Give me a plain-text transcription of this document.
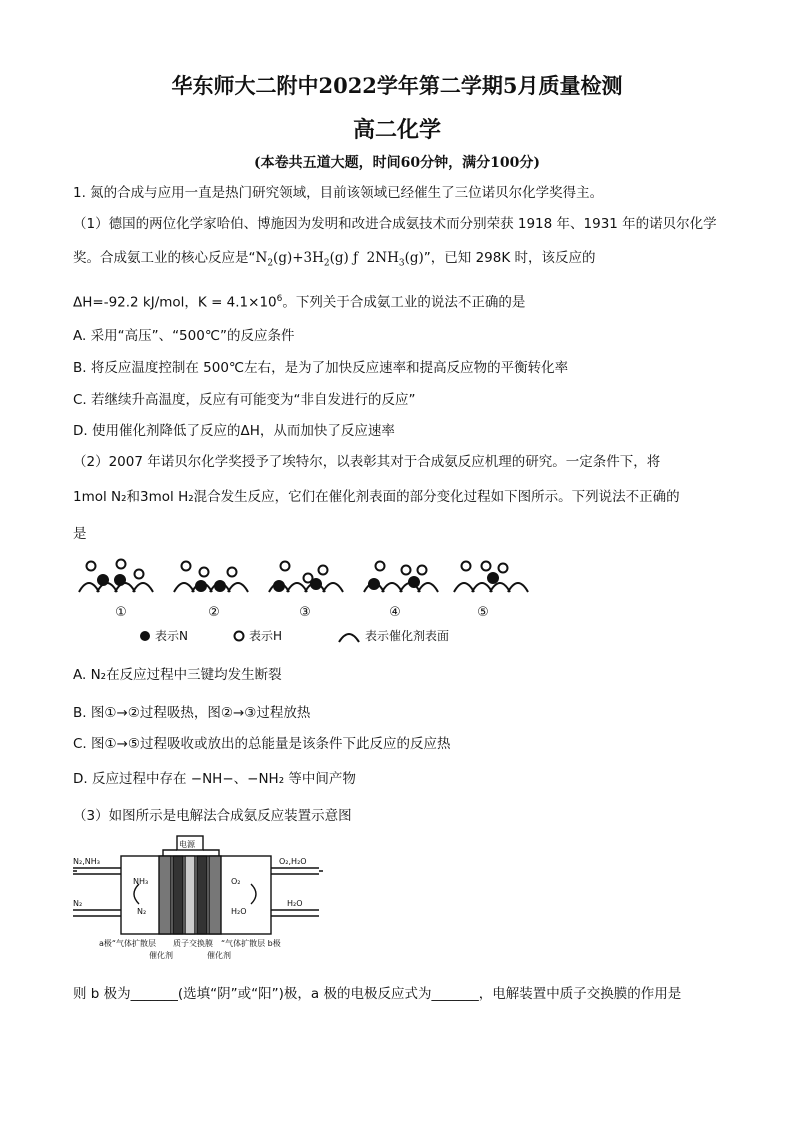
华东师大二附中2022学年第二学期5月质量检测
高二化学
(本卷共五道大题，时间60分钟，满分100分)
1. 氮的合成与应用一直是热门研究领域，目前该领域已经催生了三位诺贝尔化学奖得主。
（1）德国的两位化学家哈伯、博施因为发明和改进合成氨技术而分别荣获 1918 年、1931 年的诺贝尔化学
奖。合成氨工业的核心反应是“$N_2(g)+3H_2(g)$ ƒ  $2NH_3(g)$”，已知 298K 时，该反应的
ΔH=-92.2 kJ/mol，$K = 4.1\times 10^6$。下列关于合成氨工业的说法不正确的是
A. 采用“高压”、“500℃”的反应条件
B. 将反应温度控制在 500℃左右，是为了加快反应速率和提高反应物的平衡转化率
C. 若继续升高温度，反应有可能变为“非自发进行的反应”
D. 使用催化剂降低了反应的ΔH，从而加快了反应速率
（2）2007 年诺贝尔化学奖授予了埃特尔，以表彰其对于合成氨反应机理的研究。一定条件下，将
1mol N₂和3mol H₂混合发生反应，它们在催化剂表面的部分变化过程如下图所示。下列说法不正确的
是
①	②	③	④	⑤
表示N	表示H	表示催化剂表面
A. N₂在反应过程中三键均发生断裂
B. 图①→②过程吸热，图②→③过程放热
C. 图①→⑤过程吸收或放出的总能量是该条件下此反应的反应热
D. 反应过程中存在 −NH−、−NH₂ 等中间产物
（3）如图所示是电解法合成氨反应装置示意图
电源
N₂,NH₃
N₂
O₂,H₂O
H₂O
NH₃
N₂
O₂
H₂O
a极“气体扩散层 质子交换膜 “气体扩散层 b极
催化剂	催化剂
则 b 极为_______(选填“阴”或“阳”)极，a 极的电极反应式为_______，电解装置中质子交换膜的作用是
